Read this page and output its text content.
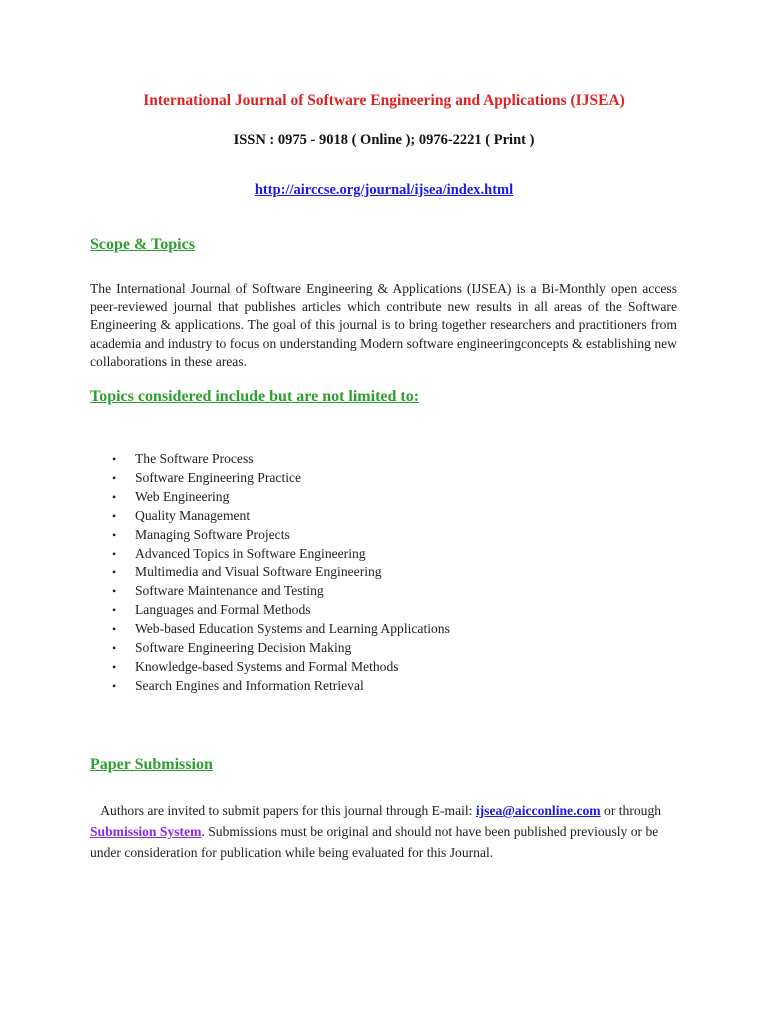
International Journal of Software Engineering and Applications (IJSEA)
ISSN : 0975 - 9018 ( Online ); 0976-2221 ( Print )
http://airccse.org/journal/ijsea/index.html
Scope & Topics
The International Journal of Software Engineering & Applications (IJSEA) is a Bi-Monthly open access peer-reviewed journal that publishes articles which contribute new results in all areas of the Software Engineering & applications. The goal of this journal is to bring together researchers and practitioners from academia and industry to focus on understanding Modern software engineeringconcepts & establishing new collaborations in these areas.
Topics considered include but are not limited to:
• The Software Process
• Software Engineering Practice
• Web Engineering
• Quality Management
• Managing Software Projects
• Advanced Topics in Software Engineering
• Multimedia and Visual Software Engineering
• Software Maintenance and Testing
• Languages and Formal Methods
• Web-based Education Systems and Learning Applications
• Software Engineering Decision Making
• Knowledge-based Systems and Formal Methods
• Search Engines and Information Retrieval
Paper Submission
Authors are invited to submit papers for this journal through E-mail: ijsea@aicconline.com or through Submission System. Submissions must be original and should not have been published previously or be under consideration for publication while being evaluated for this Journal.
